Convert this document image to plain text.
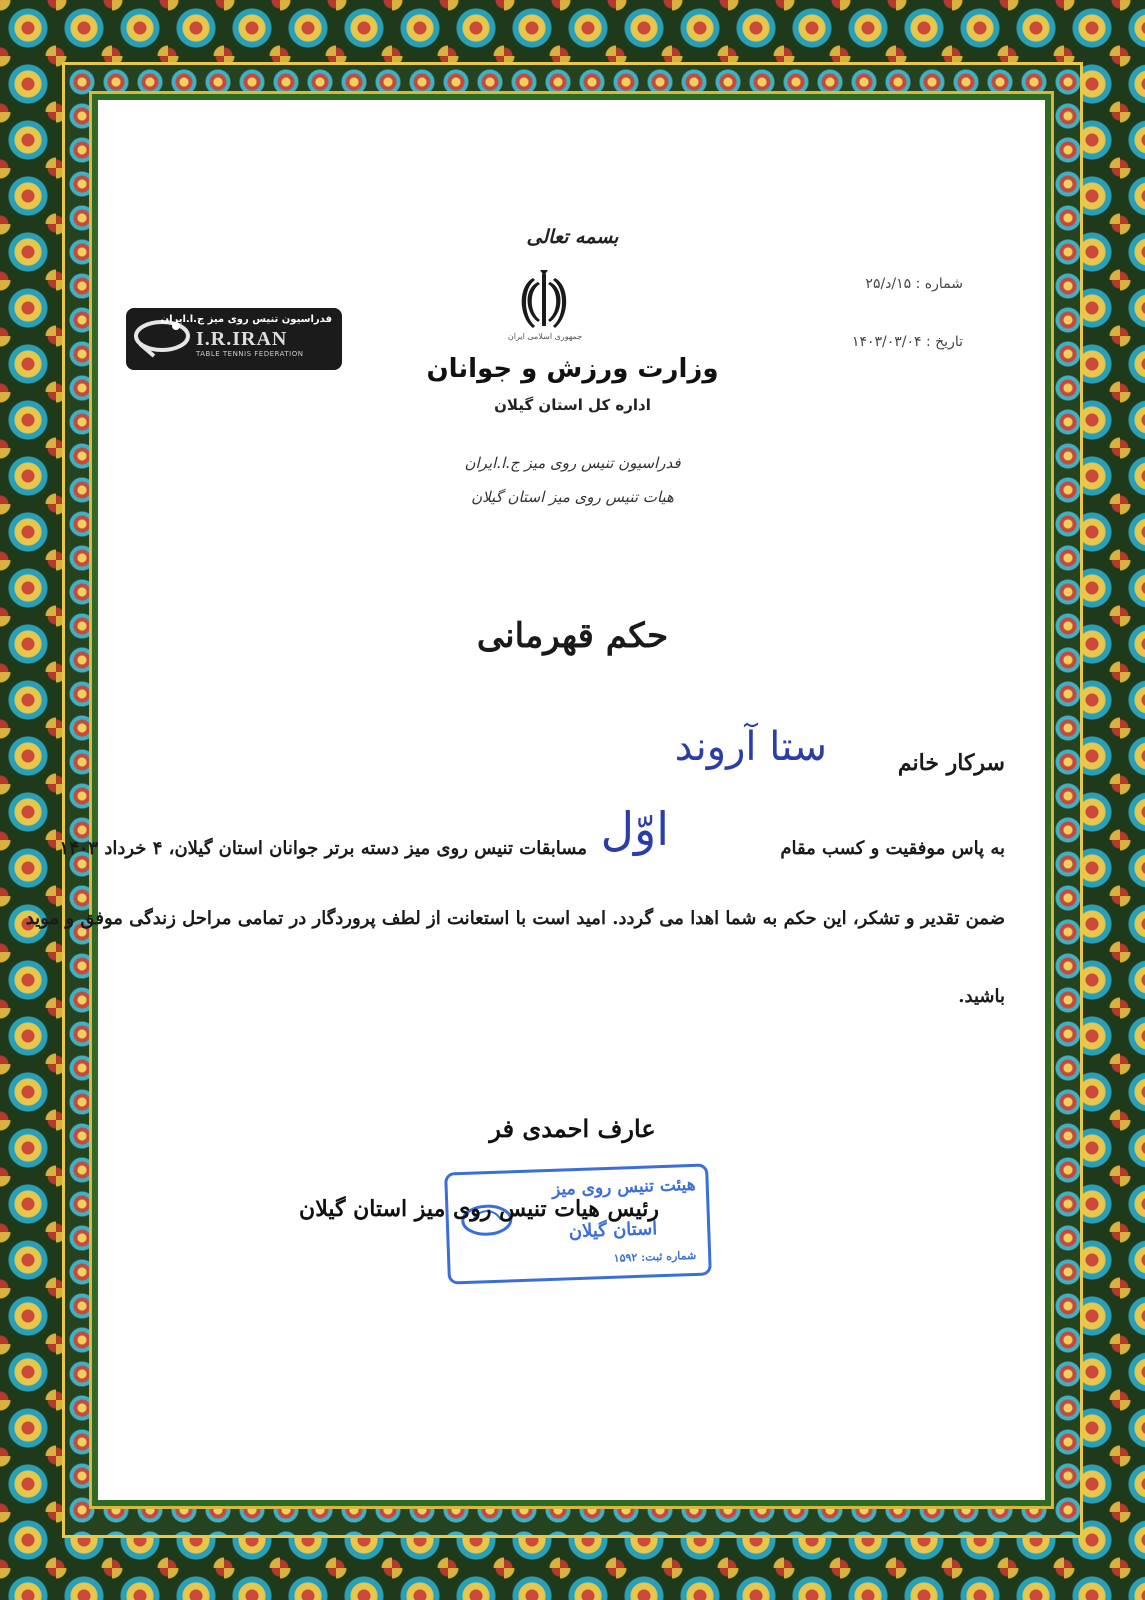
بسمه تعالی
جمهوری اسلامی ایران
وزارت ورزش و جوانان
اداره کل استان گیلان
فدراسیون تنیس روی میز ج.ا.ایران
هیات تنیس روی میز استان گیلان
شماره : ۱۵/د/۲۵
تاریخ : ۱۴۰۳/۰۳/۰۴
فدراسیون تنیس روی میز ج.ا.ایران
I.R.IRAN
TABLE TENNIS FEDERATION
حکم قهرمانی
سرکار خانم
ستا آروند
به پاس موفقیت و کسب مقام
اوّل
مسابقات تنیس روی میز دسته برتر جوانان استان گیلان، ۴ خرداد ۱۴۰۳
ضمن تقدیر و تشکر، این حکم به شما اهدا می گردد. امید است با استعانت از لطف پروردگار در تمامی مراحل زندگی موفق و موید
باشید.
عارف احمدی فر
هیئت تنیس روی میز
استان گیلان
شماره ثبت: ۱۵۹۲
رئیس هیات تنیس روی میز استان گیلان
